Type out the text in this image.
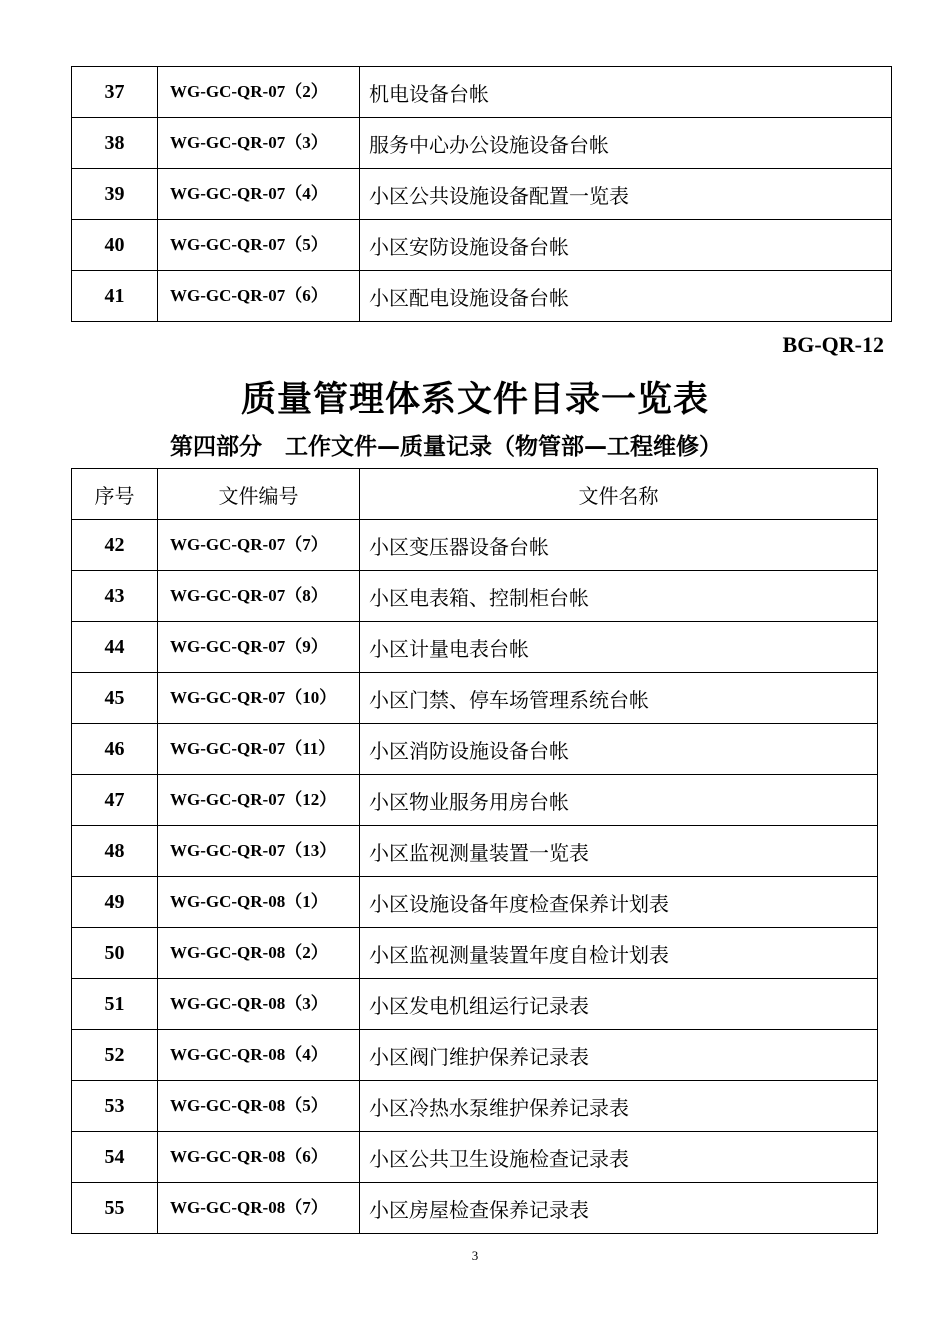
37	WG-GC-QR-07（2）	机电设备台帐
38	WG-GC-QR-07（3）	服务中心办公设施设备台帐
39	WG-GC-QR-07（4）	小区公共设施设备配置一览表
40	WG-GC-QR-07（5）	小区安防设施设备台帐
41	WG-GC-QR-07（6）	小区配电设施设备台帐
BG-QR-12
质量管理体系文件目录一览表
第四部分　工作文件—质量记录（物管部—工程维修）
序号	文件编号	文件名称
42	WG-GC-QR-07（7）	小区变压器设备台帐
43	WG-GC-QR-07（8）	小区电表箱、控制柜台帐
44	WG-GC-QR-07（9）	小区计量电表台帐
45	WG-GC-QR-07（10）	小区门禁、停车场管理系统台帐
46	WG-GC-QR-07（11）	小区消防设施设备台帐
47	WG-GC-QR-07（12）	小区物业服务用房台帐
48	WG-GC-QR-07（13）	小区监视测量装置一览表
49	WG-GC-QR-08（1）	小区设施设备年度检查保养计划表
50	WG-GC-QR-08（2）	小区监视测量装置年度自检计划表
51	WG-GC-QR-08（3）	小区发电机组运行记录表
52	WG-GC-QR-08（4）	小区阀门维护保养记录表
53	WG-GC-QR-08（5）	小区冷热水泵维护保养记录表
54	WG-GC-QR-08（6）	小区公共卫生设施检查记录表
55	WG-GC-QR-08（7）	小区房屋检查保养记录表
3
